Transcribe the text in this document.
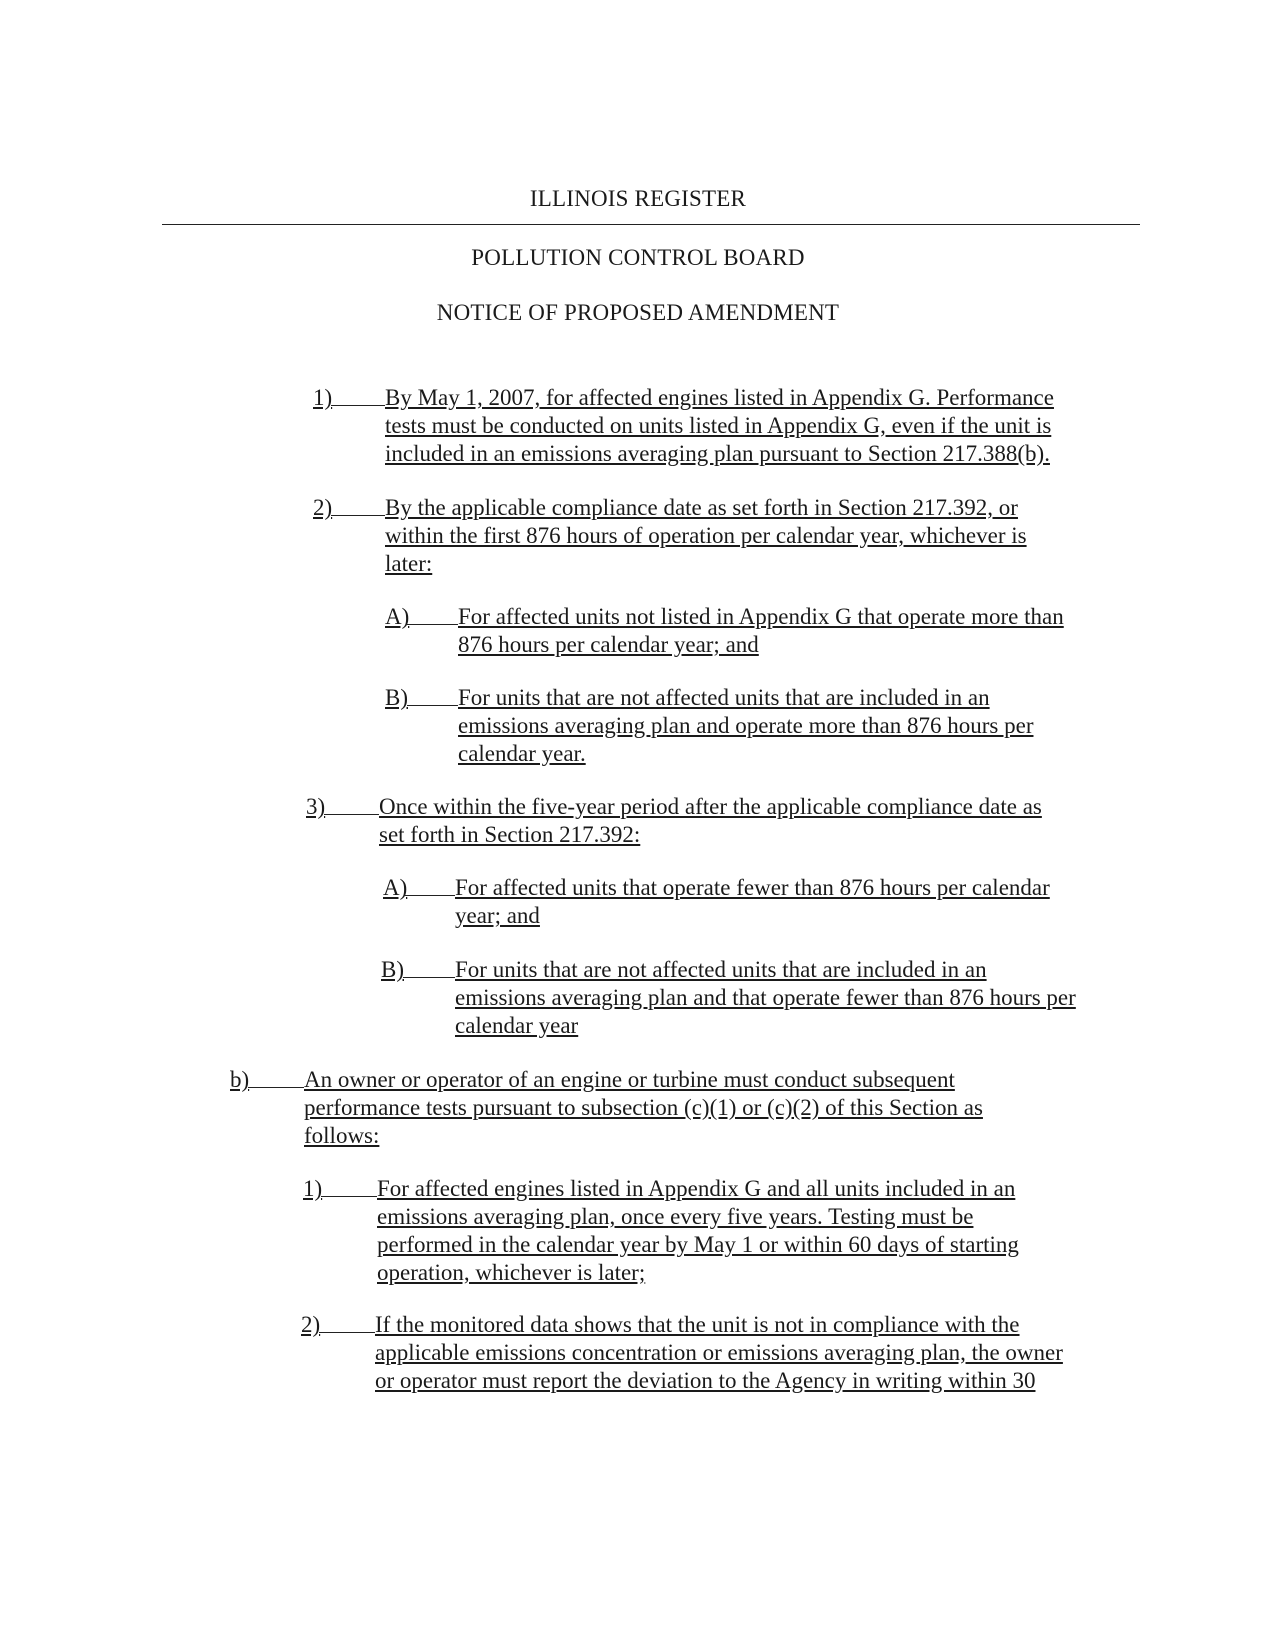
ILLINOIS REGISTER
POLLUTION CONTROL BOARD
NOTICE OF PROPOSED AMENDMENT
1) By May 1, 2007, for affected engines listed in Appendix G. Performance
tests must be conducted on units listed in Appendix G, even if the unit is
included in an emissions averaging plan pursuant to Section 217.388(b).
2) By the applicable compliance date as set forth in Section 217.392, or
within the first 876 hours of operation per calendar year, whichever is
later:
A) For affected units not listed in Appendix G that operate more than
876 hours per calendar year; and
B) For units that are not affected units that are included in an
emissions averaging plan and operate more than 876 hours per
calendar year.
3) Once within the five-year period after the applicable compliance date as
set forth in Section 217.392:
A) For affected units that operate fewer than 876 hours per calendar
year; and
B) For units that are not affected units that are included in an
emissions averaging plan and that operate fewer than 876 hours per
calendar year
b) An owner or operator of an engine or turbine must conduct subsequent
performance tests pursuant to subsection (c)(1) or (c)(2) of this Section as
follows:
1) For affected engines listed in Appendix G and all units included in an
emissions averaging plan, once every five years. Testing must be
performed in the calendar year by May 1 or within 60 days of starting
operation, whichever is later;
2) If the monitored data shows that the unit is not in compliance with the
applicable emissions concentration or emissions averaging plan, the owner
or operator must report the deviation to the Agency in writing within 30
